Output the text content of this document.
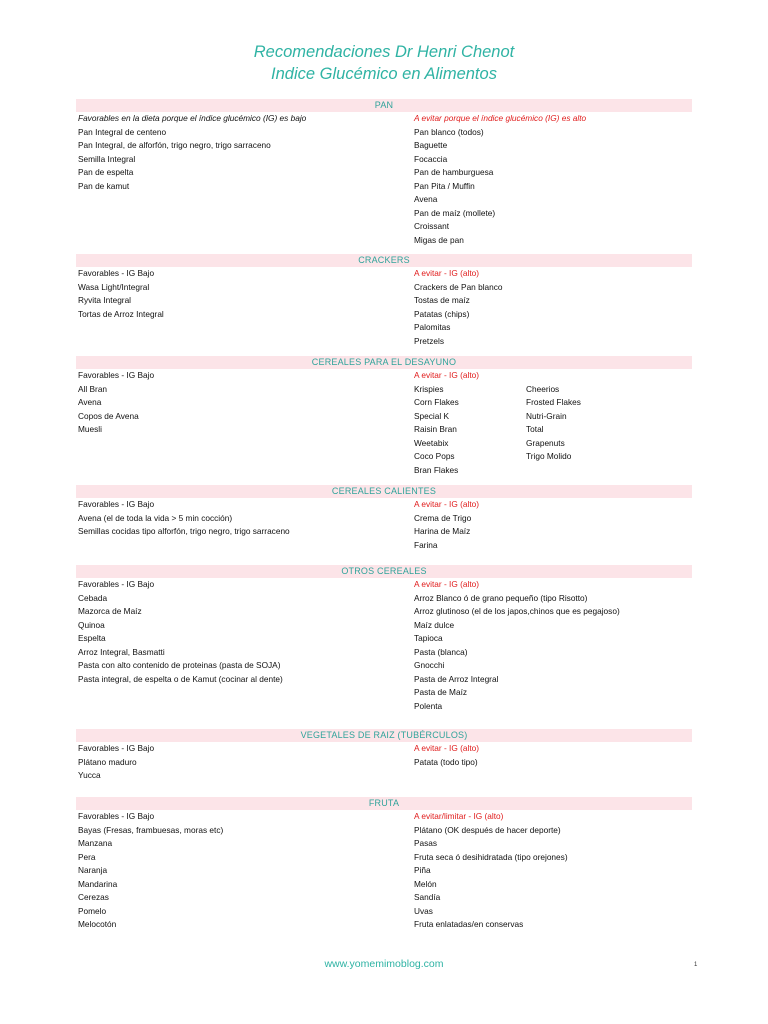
Recomendaciones Dr Henri Chenot
Indice Glucémico en Alimentos
PAN
Favorables en la dieta porque el índice glucémico (IG) es bajo
Pan Integral de centeno
Pan Integral, de alforfón, trigo negro, trigo sarraceno
Semilla Integral
Pan de espelta
Pan de kamut
A evitar porque el índice glucémico (IG) es alto
Pan blanco (todos)
Baguette
Focaccia
Pan de hamburguesa
Pan Pita / Muffin
Avena
Pan de maíz (mollete)
Croissant
Migas de pan
CRACKERS
Favorables - IG Bajo
Wasa Light/Integral
Ryvita Integral
Tortas de Arroz Integral
A evitar - IG (alto)
Crackers de Pan blanco
Tostas de maíz
Patatas (chips)
Palomitas
Pretzels
CEREALES PARA EL DESAYUNO
Favorables - IG Bajo
All Bran
Avena
Copos de Avena
Muesli
A evitar - IG (alto)
Krispies
Corn Flakes
Special K
Raisin Bran
Weetabix
Coco Pops
Bran Flakes
Cheerios
Frosted Flakes
Nutri-Grain
Total
Grapenuts
Trigo Molido
CEREALES CALIENTES
Favorables - IG Bajo
Avena (el de toda la vida > 5 min cocción)
Semillas cocidas tipo alforfón, trigo negro, trigo sarraceno
A evitar - IG (alto)
Crema de Trigo
Harina de Maíz
Farina
OTROS CEREALES
Favorables - IG Bajo
Cebada
Mazorca de Maíz
Quinoa
Espelta
Arroz Integral, Basmatti
Pasta con alto contenido de proteinas (pasta de SOJA)
Pasta integral, de espelta o de Kamut (cocinar al dente)
A evitar - IG (alto)
Arroz Blanco ó de grano pequeño (tipo Risotto)
Arroz glutinoso (el de los japos,chinos que es pegajoso)
Maíz dulce
Tapioca
Pasta (blanca)
Gnocchi
Pasta de Arroz Integral
Pasta de Maíz
Polenta
VEGETALES DE RAIZ (TUBÉRCULOS)
Favorables - IG Bajo
Plátano maduro
Yucca
A evitar - IG (alto)
Patata (todo tipo)
FRUTA
Favorables - IG Bajo
Bayas (Fresas, frambuesas, moras etc)
Manzana
Pera
Naranja
Mandarina
Cerezas
Pomelo
Melocotón
A evitar/limitar - IG (alto)
Plátano (OK después de hacer deporte)
Pasas
Fruta seca ó desihidratada (tipo orejones)
Piña
Melón
Sandía
Uvas
Fruta enlatadas/en conservas
www.yomemimoblog.com	1
